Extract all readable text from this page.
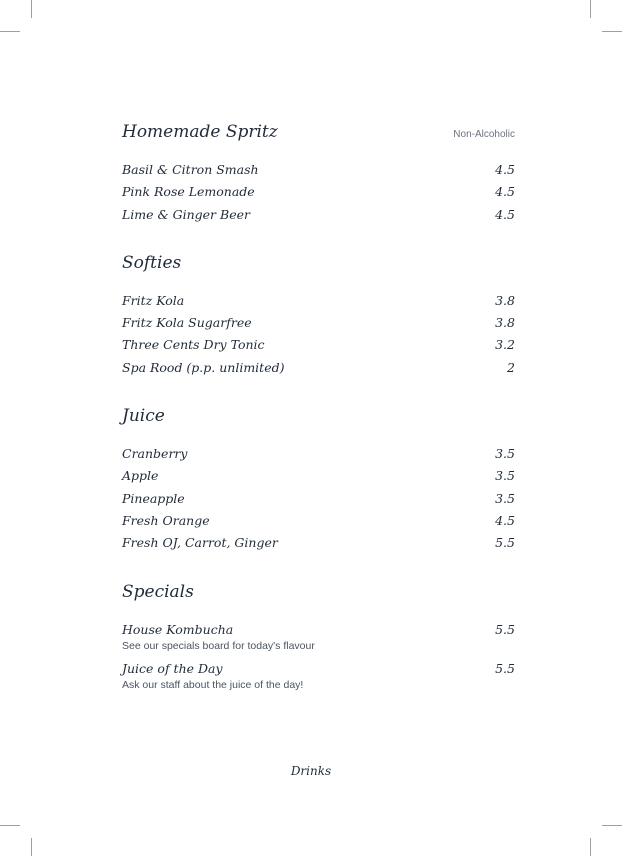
Homemade Spritz	Non-Alcoholic
Basil & Citron Smash	4.5
Pink Rose Lemonade	4.5
Lime & Ginger Beer	4.5
Softies
Fritz Kola	3.8
Fritz Kola Sugarfree	3.8
Three Cents Dry Tonic	3.2
Spa Rood (p.p. unlimited)	2
Juice
Cranberry	3.5
Apple	3.5
Pineapple	3.5
Fresh Orange	4.5
Fresh OJ, Carrot, Ginger	5.5
Specials
House Kombucha	5.5
See our specials board for today's flavour
Juice of the Day	5.5
Ask our staff about the juice of the day!
Drinks
